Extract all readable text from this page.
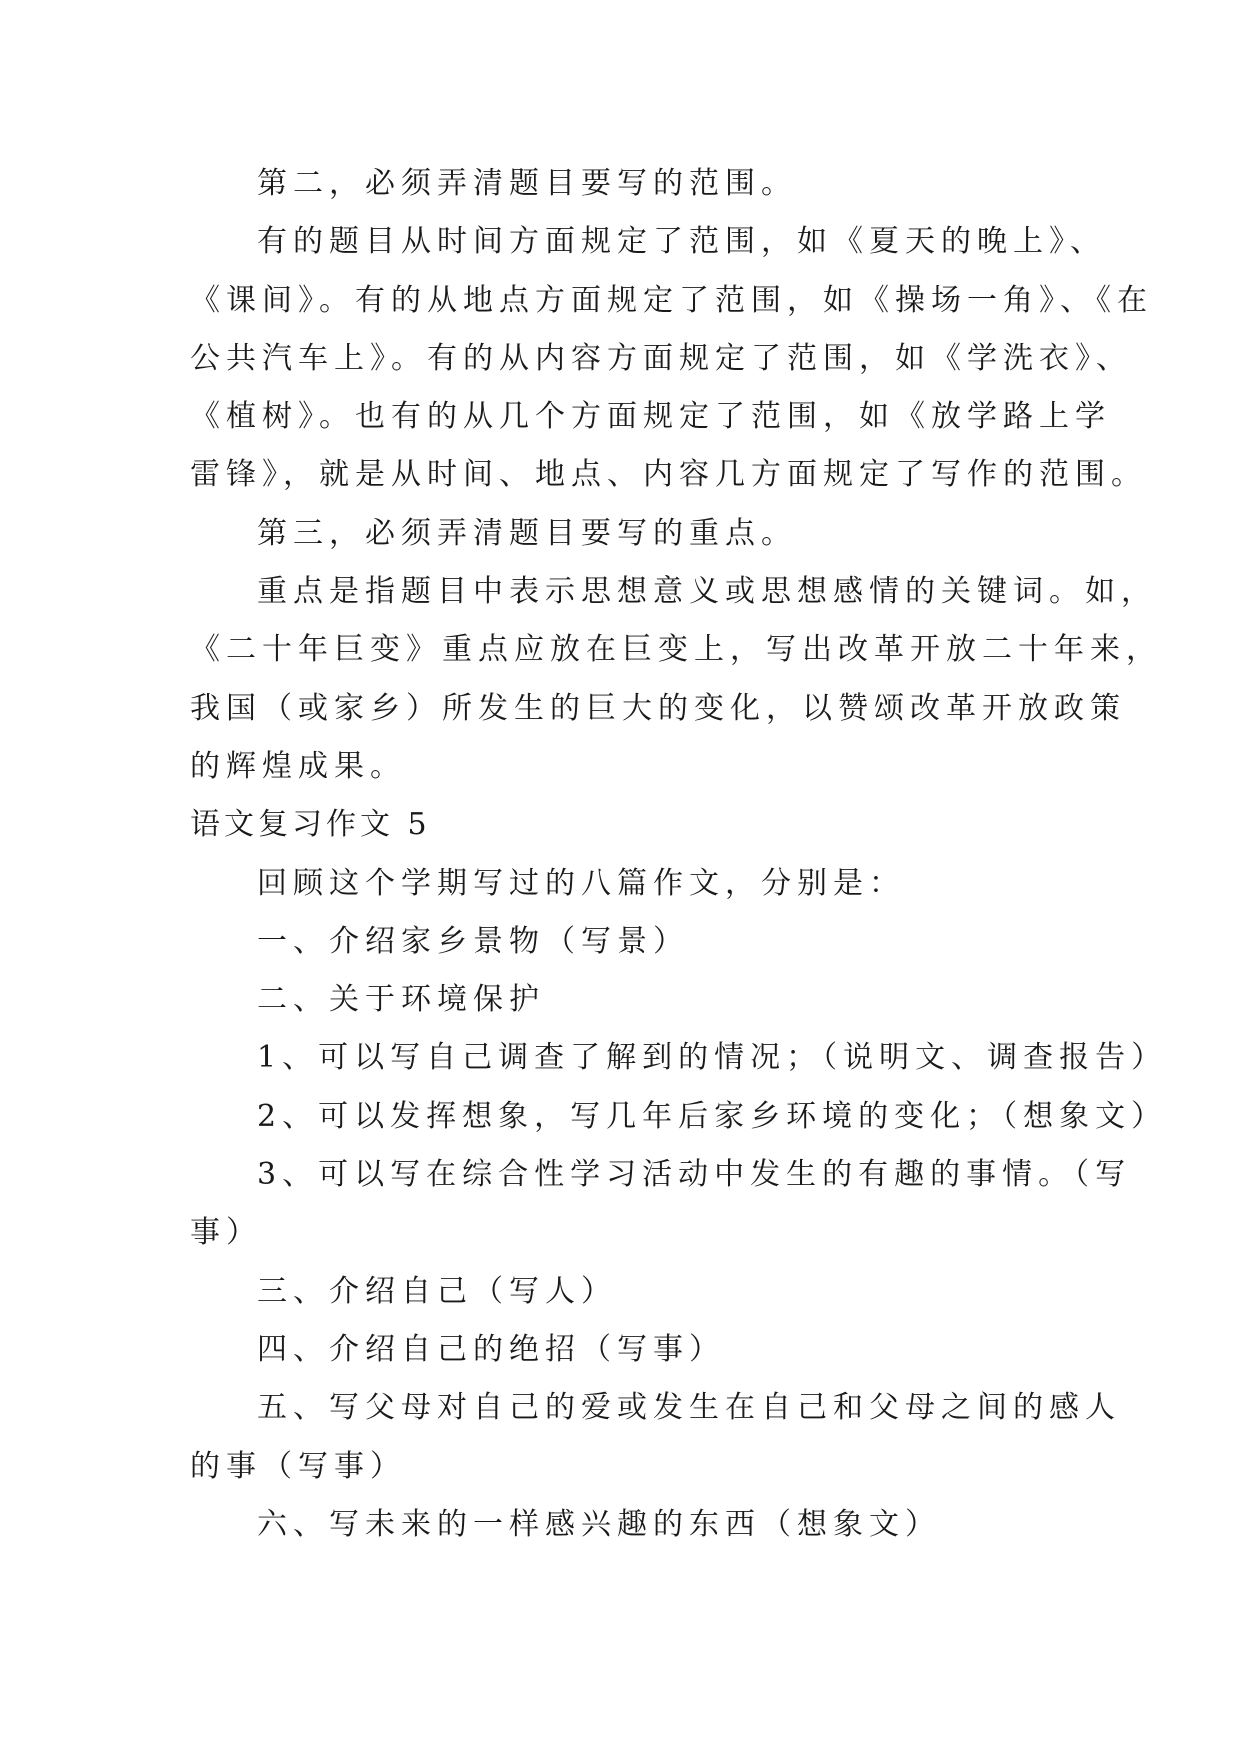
第二，必须弄清题目要写的范围。

有的题目从时间方面规定了范围，如《夏天的晚上》、

《课间》。有的从地点方面规定了范围，如《操场一角》、《在

公共汽车上》。有的从内容方面规定了范围，如《学洗衣》、

《植树》。也有的从几个方面规定了范围，如《放学路上学

雷锋》，就是从时间、地点、内容几方面规定了写作的范围。

第三，必须弄清题目要写的重点。

重点是指题目中表示思想意义或思想感情的关键词。如，

《二十年巨变》重点应放在巨变上，写出改革开放二十年来，

我国（或家乡）所发生的巨大的变化，以赞颂改革开放政策

的辉煌成果。

语文复习作文 5

回顾这个学期写过的八篇作文，分别是：

一、介绍家乡景物（写景）

二、关于环境保护

1、可以写自己调查了解到的情况；（说明文、调查报告）

2、可以发挥想象，写几年后家乡环境的变化；（想象文）

3、可以写在综合性学习活动中发生的有趣的事情。（写

事）

三、介绍自己（写人）

四、介绍自己的绝招（写事）

五、写父母对自己的爱或发生在自己和父母之间的感人

的事（写事）

六、写未来的一样感兴趣的东西（想象文）
